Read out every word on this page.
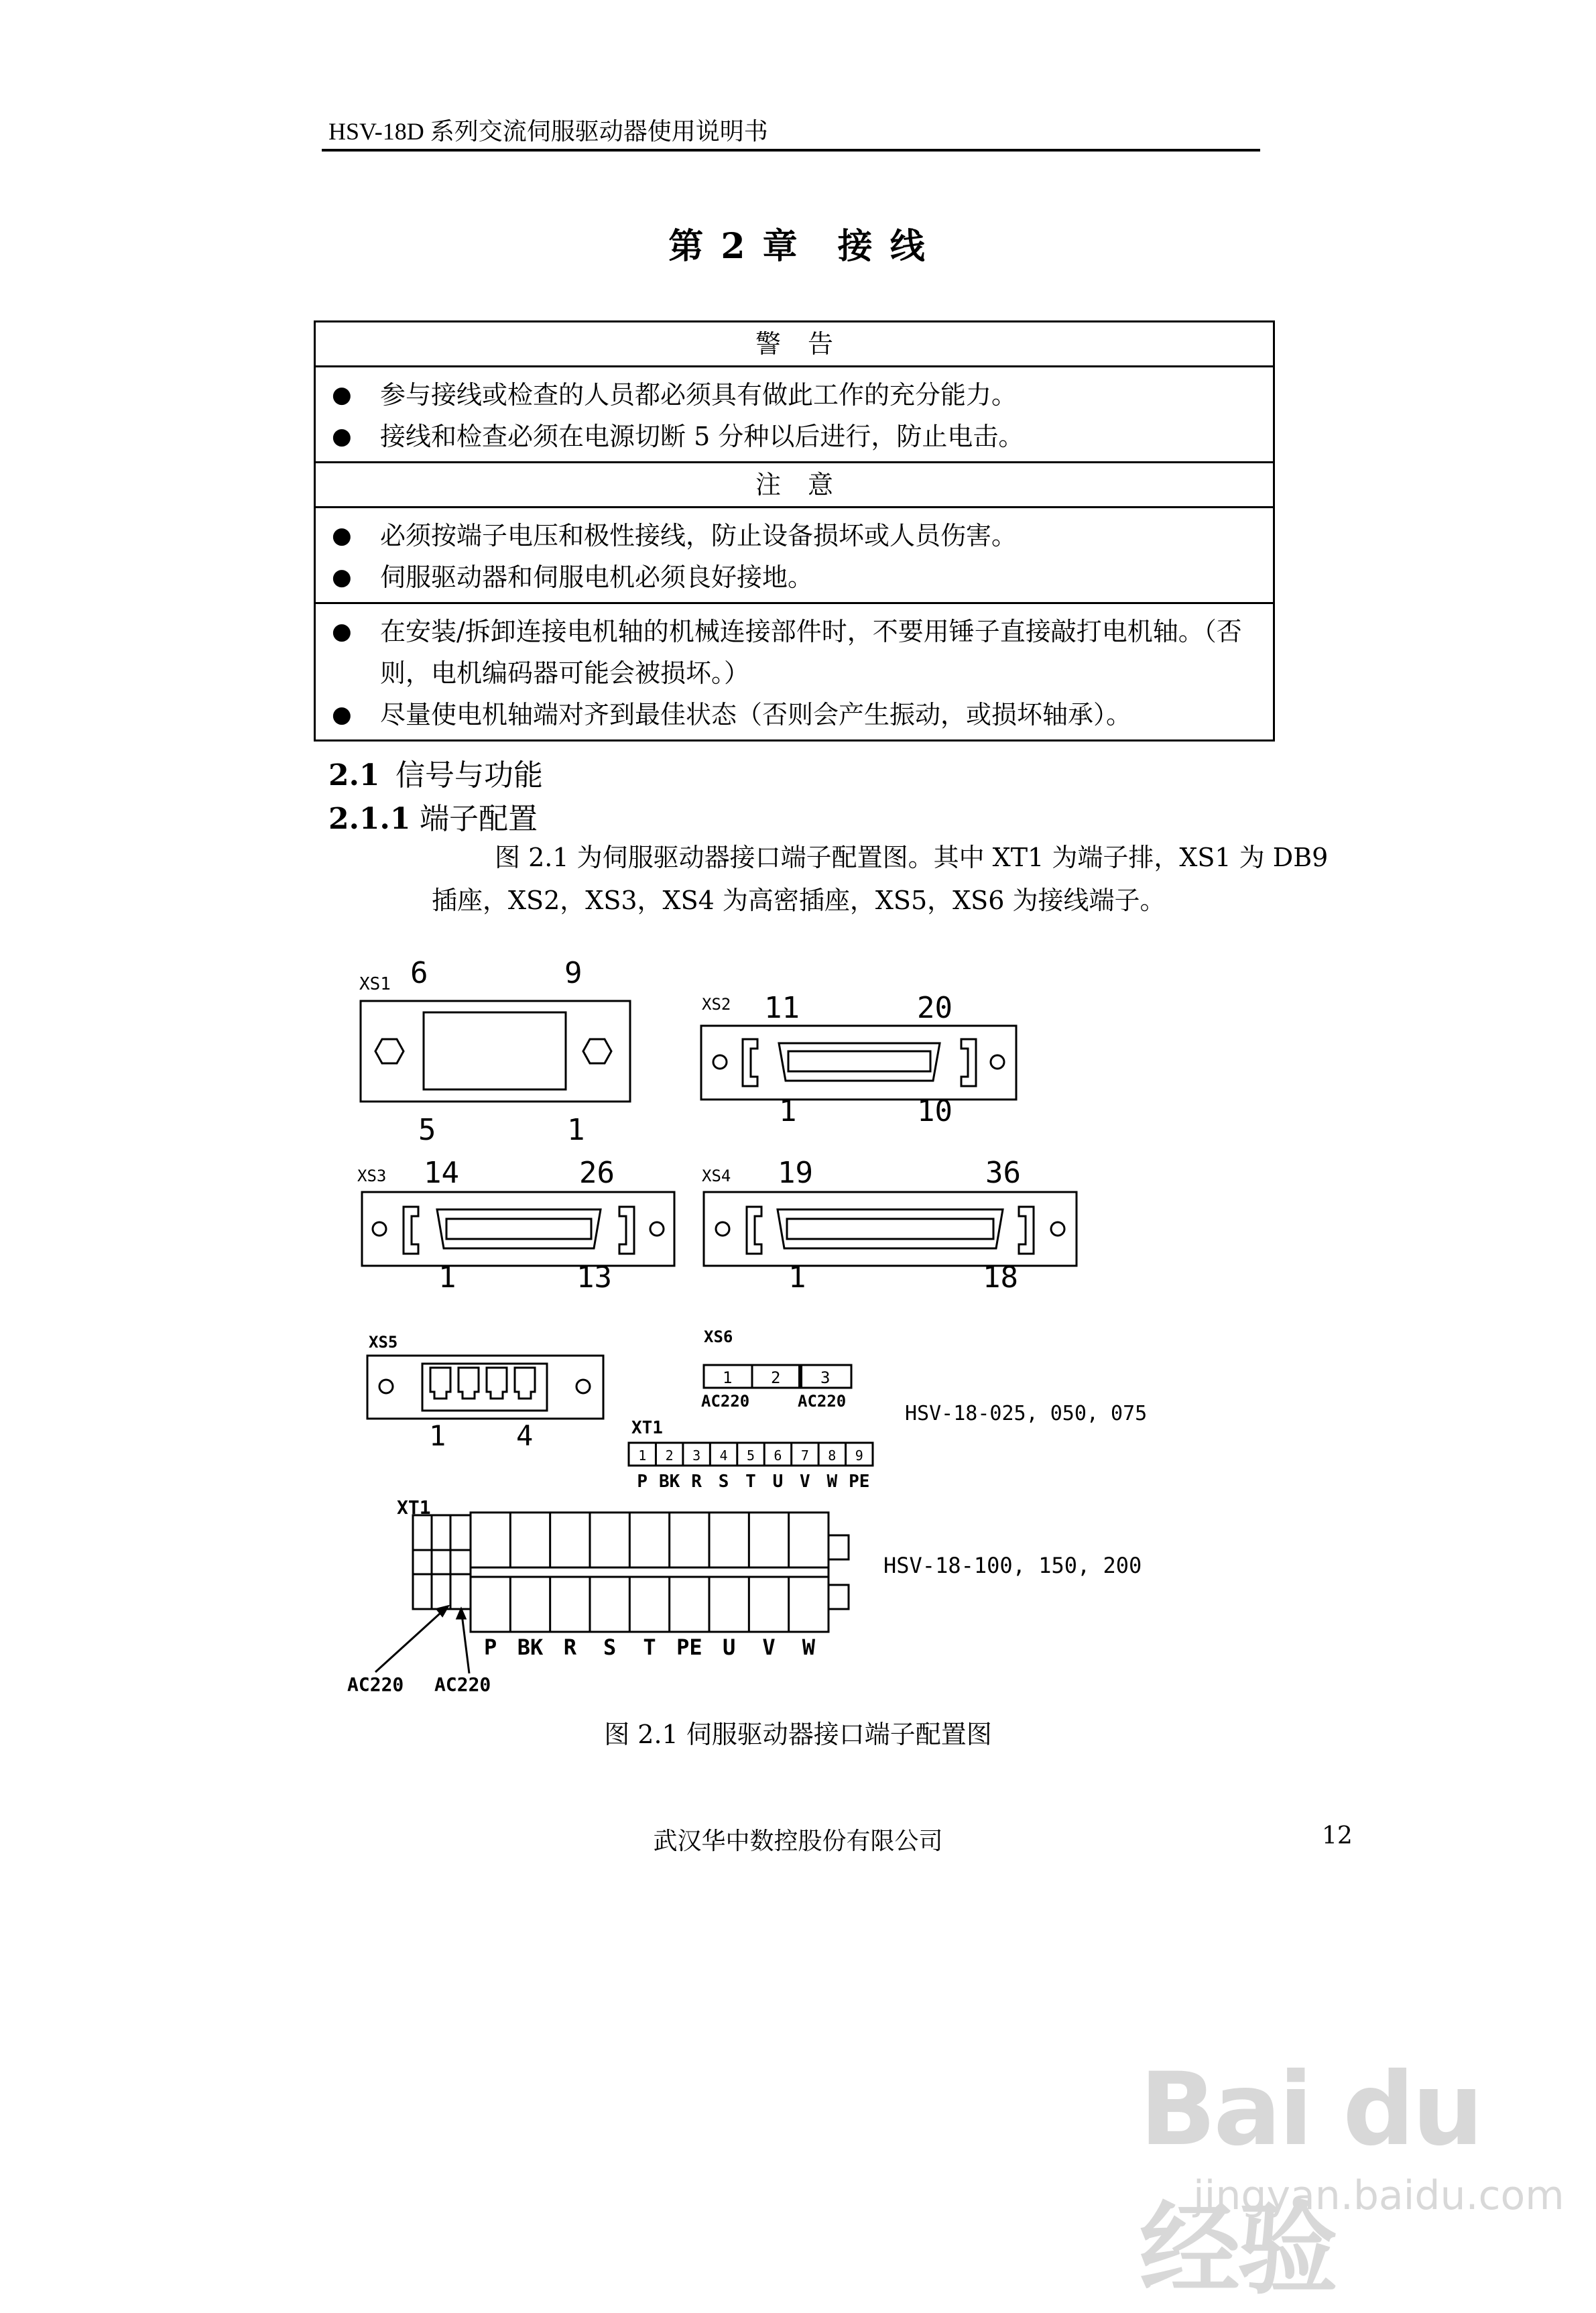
HSV-18D 系列交流伺服驱动器使用说明书
第 2 章 接 线
警告
● 参与接线或检查的人员都必须具有做此工作的充分能力。
● 接线和检查必须在电源切断 5 分种以后进行，防止电击。
注意
● 必须按端子电压和极性接线，防止设备损坏或人员伤害。
● 伺服驱动器和伺服电机必须良好接地。
● 在安装/拆卸连接电机轴的机械连接部件时，不要用锤子直接敲打电机轴。（否则，电机编码器可能会被损坏。）
● 尽量使电机轴端对齐到最佳状态（否则会产生振动，或损坏轴承）。
2.1 信号与功能
2.1.1 端子配置
图 2.1 为伺服驱动器接口端子配置图。其中 XT1 为端子排，XS1 为 DB9
插座，XS2，XS3，XS4 为高密插座，XS5，XS6 为接线端子。
XS1 6	9
5	1
XS2 11	20
1	10
XS3 14	26
1	13
XS4 19	36
1	18
XS5
1 4
XS6
1 2 3
AC220	AC220
XT1
HSV-18-025, 050, 075
1 2 3 4 5 6 7 8 9
P BK R S T U V W PE
XT1
HSV-18-100, 150, 200
P BK R S T PE U V W
AC220 AC220
图 2.1 伺服驱动器接口端子配置图
武汉华中数控股份有限公司	12
Bai du 经验
jingyan.baidu.com
